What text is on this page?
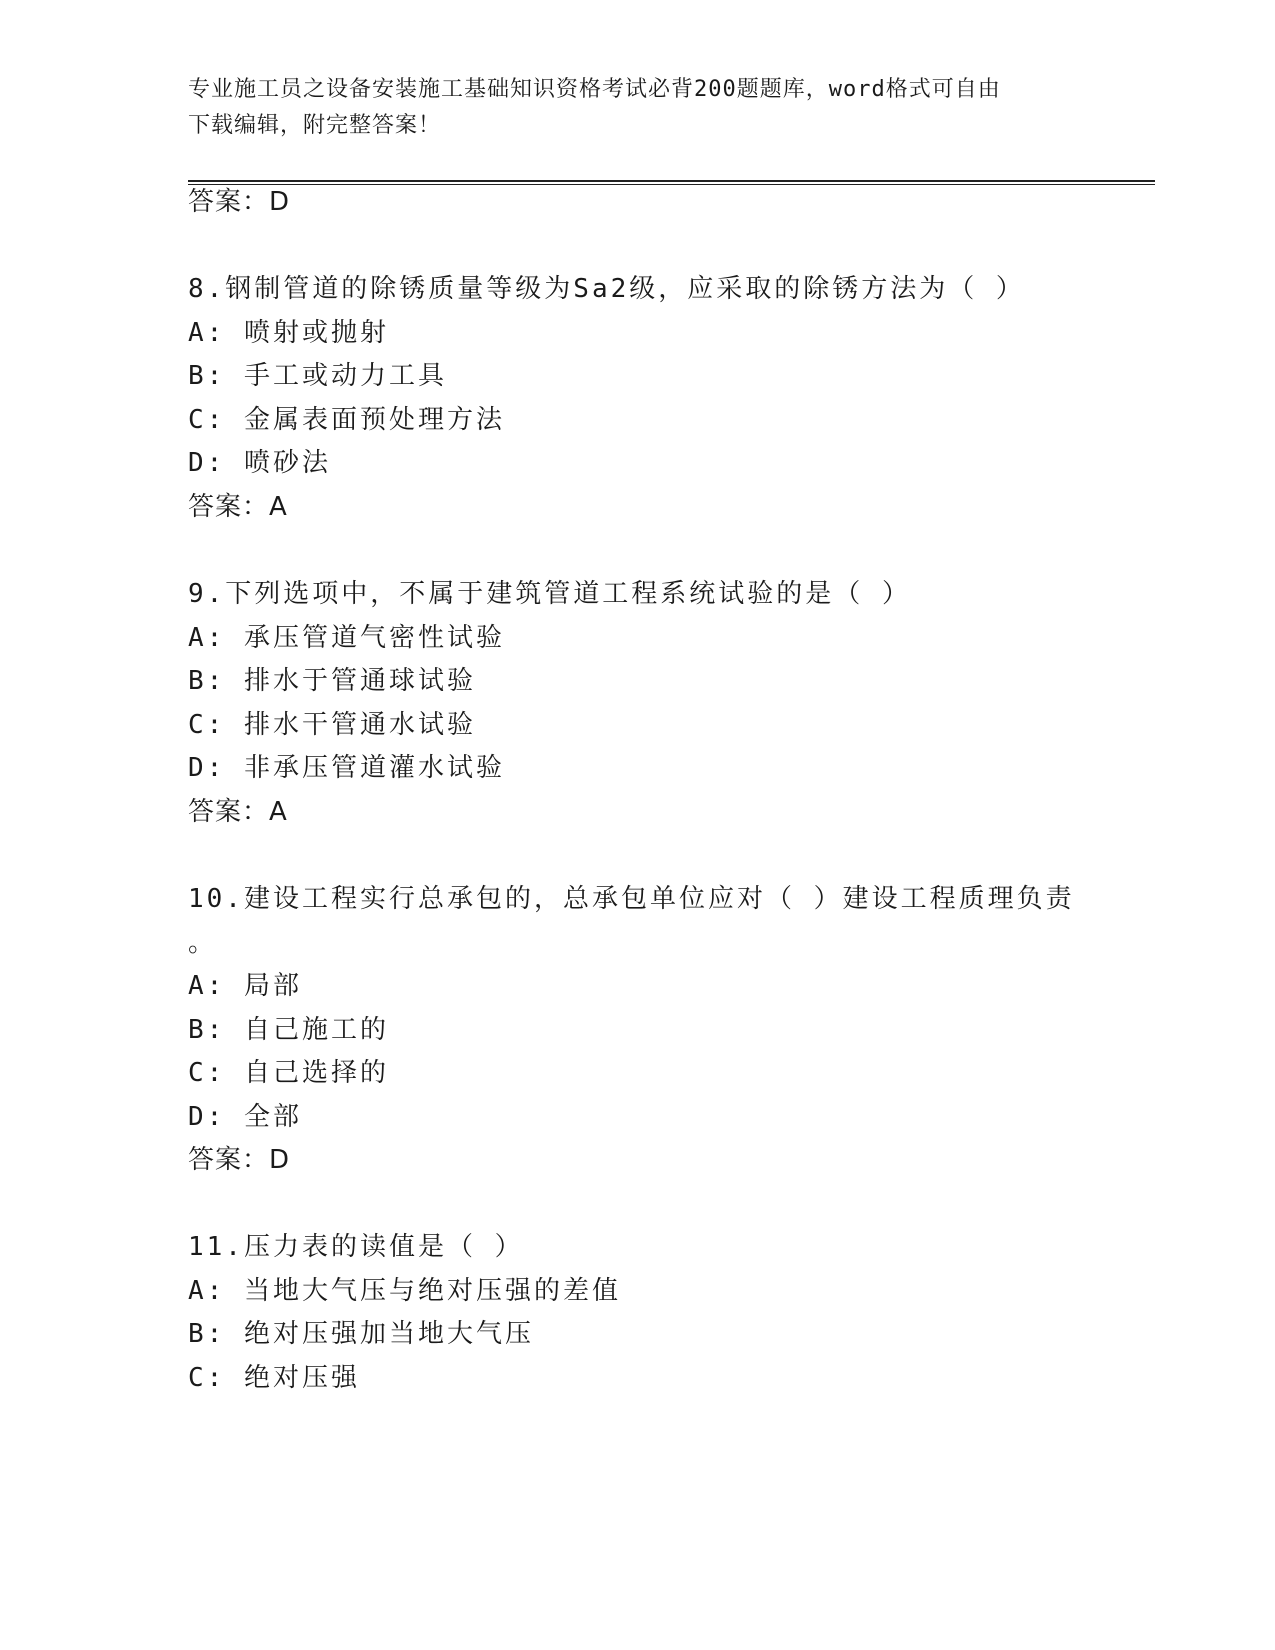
专业施工员之设备安装施工基础知识资格考试必背200题题库，word格式可自由
下载编辑，附完整答案！
答案：D
8.钢制管道的除锈质量等级为Sa2级，应采取的除锈方法为（ ）
A: 喷射或抛射
B: 手工或动力工具
C: 金属表面预处理方法
D: 喷砂法
答案：A
9.下列选项中，不属于建筑管道工程系统试验的是（ ）
A: 承压管道气密性试验
B: 排水于管通球试验
C: 排水干管通水试验
D: 非承压管道灌水试验
答案：A
10.建设工程实行总承包的，总承包单位应对（ ）建设工程质理负责
。
A: 局部
B: 自己施工的
C: 自己选择的
D: 全部
答案：D
11.压力表的读值是（ ）
A: 当地大气压与绝对压强的差值
B: 绝对压强加当地大气压
C: 绝对压强
